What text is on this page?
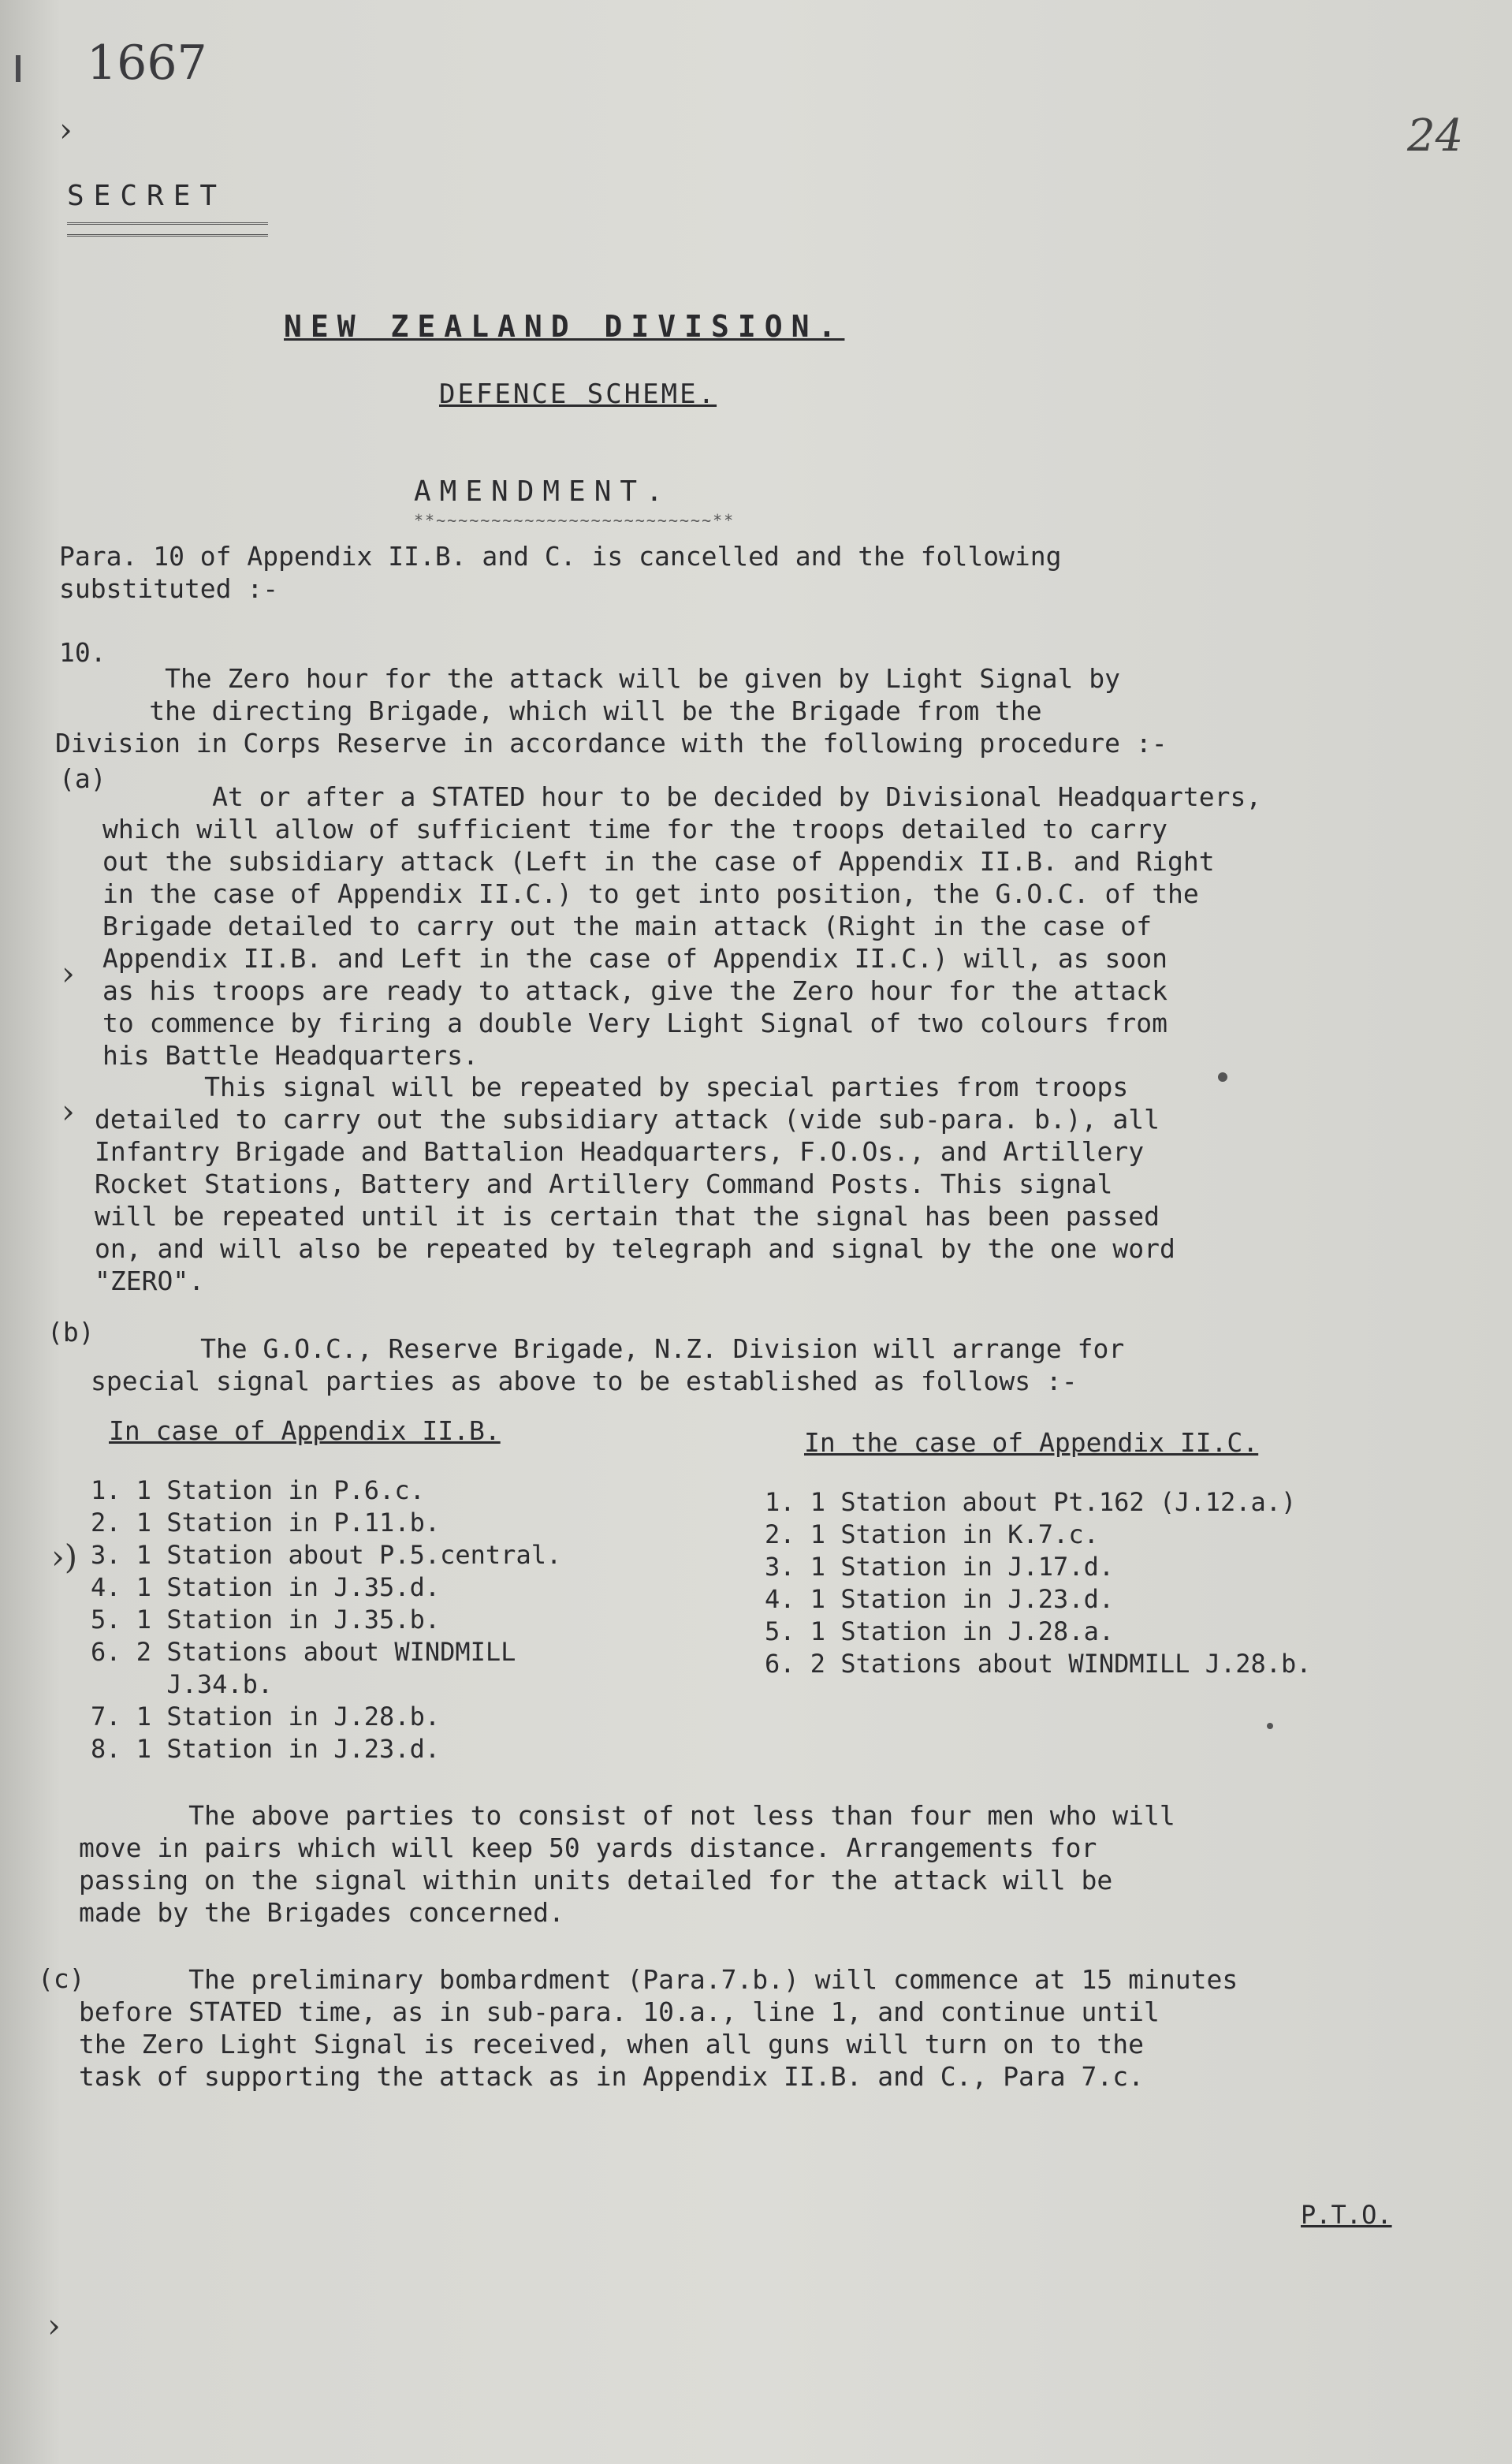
1667
24
›
SECRET
NEW ZEALAND DIVISION.
DEFENCE SCHEME.
AMENDMENT.
**~~~~~~~~~~~~~~~~~~~~~~~~~**
Para. 10 of Appendix II.B. and C. is cancelled and the following
substituted :-
10.
The Zero hour for the attack will be given by Light Signal by
the directing Brigade, which will be the Brigade from the
Division in Corps Reserve in accordance with the following procedure :-
(a)
At or after a STATED hour to be decided by Divisional Headquarters,
which will allow of sufficient time for the troops detailed to carry
out the subsidiary attack (Left in the case of Appendix II.B. and Right
in the case of Appendix II.C.) to get into position, the G.O.C. of the
Brigade detailed to carry out the main attack (Right in the case of
Appendix II.B. and Left in the case of Appendix II.C.) will, as soon
as his troops are ready to attack, give the Zero hour for the attack
to commence by firing a double Very Light Signal of two colours from
his Battle Headquarters.
›
This signal will be repeated by special parties from troops
detailed to carry out the subsidiary attack (vide sub-para. b.), all
Infantry Brigade and Battalion Headquarters, F.O.Os., and Artillery
Rocket Stations, Battery and Artillery Command Posts. This signal
will be repeated until it is certain that the signal has been passed
on, and will also be repeated by telegraph and signal by the one word
"ZERO".
›
(b)
The G.O.C., Reserve Brigade, N.Z. Division will arrange for
special signal parties as above to be established as follows :-
In case of Appendix II.B.	In the case of Appendix II.C.
1. 1 Station in P.6.c.
2. 1 Station in P.11.b.
3. 1 Station about P.5.central.
4. 1 Station in J.35.d.
5. 1 Station in J.35.b.
6. 2 Stations about WINDMILL
J.34.b.
7. 1 Station in J.28.b.
8. 1 Station in J.23.d.
›)
1. 1 Station about Pt.162 (J.12.a.)
2. 1 Station in K.7.c.
3. 1 Station in J.17.d.
4. 1 Station in J.23.d.
5. 1 Station in J.28.a.
6. 2 Stations about WINDMILL J.28.b.
The above parties to consist of not less than four men who will
move in pairs which will keep 50 yards distance. Arrangements for
passing on the signal within units detailed for the attack will be
made by the Brigades concerned.
(c)	The preliminary bombardment (Para.7.b.) will commence at 15 minutes
before STATED time, as in sub-para. 10.a., line 1, and continue until
the Zero Light Signal is received, when all guns will turn on to the
task of supporting the attack as in Appendix II.B. and C., Para 7.c.
P.T.O.
›
